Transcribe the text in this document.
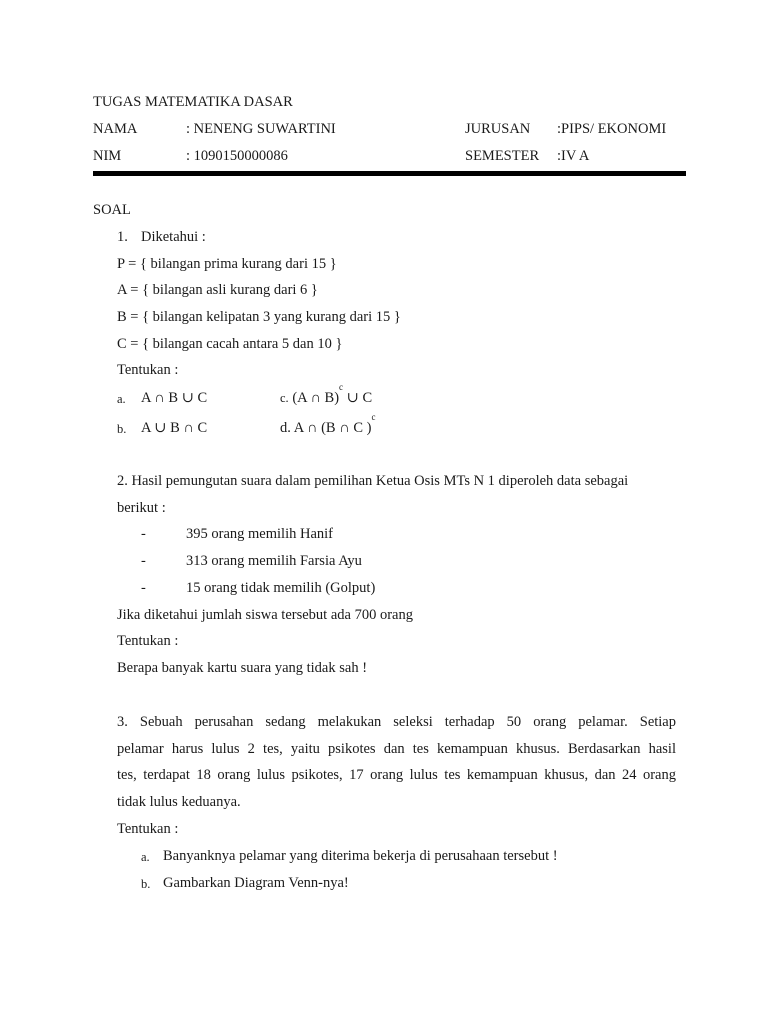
TUGAS MATEMATIKA DASAR
NAMA	: NENENG SUWARTINI	JURUSAN :PIPS/ EKONOMI
NIM	: 1090150000086	SEMESTER :IV A
SOAL
1. Diketahui :
P = { bilangan prima kurang dari 15 }
A = { bilangan asli kurang dari 6 }
B = { bilangan kelipatan 3 yang kurang dari 15 }
C = { bilangan cacah antara 5 dan 10 }
Tentukan :
a. A ∩ B ∪ C	c. (A ∩ B)$^c$ ∪ C
b. A ∪ B ∩ C	d. A ∩ (B ∩ C )$^c$
2. Hasil pemungutan suara dalam pemilihan Ketua Osis MTs N 1 diperoleh data sebagai
berikut :
-	395 orang memilih Hanif
-	313 orang memilih Farsia Ayu
-	15 orang tidak memilih (Golput)
Jika diketahui jumlah siswa tersebut ada 700 orang
Tentukan :
Berapa banyak kartu suara yang tidak sah !
3. Sebuah perusahan sedang melakukan seleksi terhadap 50 orang pelamar. Setiap
pelamar harus lulus 2 tes, yaitu psikotes dan tes kemampuan khusus. Berdasarkan hasil
tes, terdapat 18 orang lulus psikotes, 17 orang lulus tes kemampuan khusus, dan 24 orang
tidak lulus keduanya.
Tentukan :
a. Banyanknya pelamar yang diterima bekerja di perusahaan tersebut !
b. Gambarkan Diagram Venn-nya!
